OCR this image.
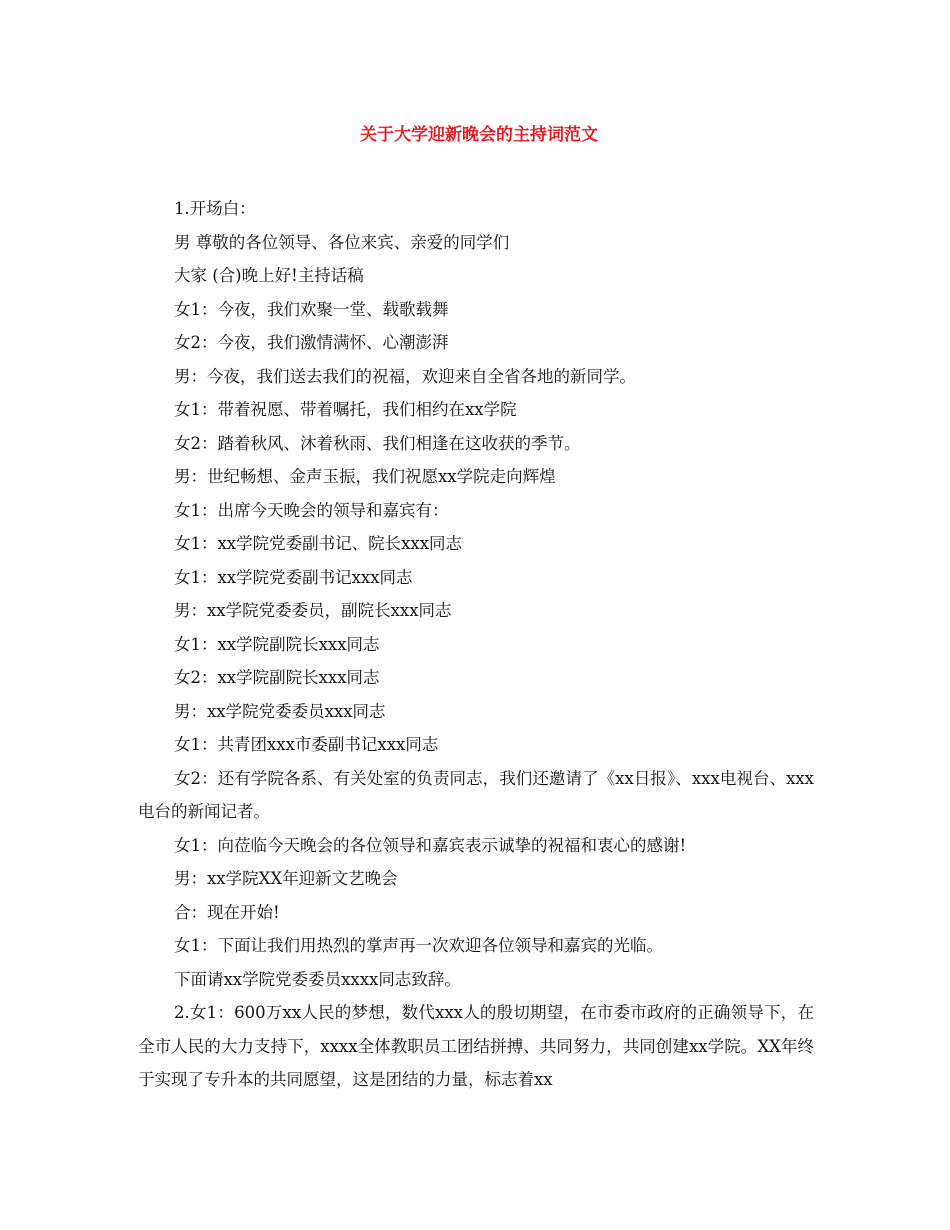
关于大学迎新晚会的主持词范文

1.开场白：

男 尊敬的各位领导、各位来宾、亲爱的同学们

大家 (合)晚上好!主持话稿

女1：今夜，我们欢聚一堂、载歌载舞

女2：今夜，我们激情满怀、心潮澎湃

男：今夜，我们送去我们的祝福，欢迎来自全省各地的新同学。

女1：带着祝愿、带着嘱托，我们相约在xx学院

女2：踏着秋风、沐着秋雨、我们相逢在这收获的季节。

男：世纪畅想、金声玉振，我们祝愿xx学院走向辉煌

女1：出席今天晚会的领导和嘉宾有：

女1：xx学院党委副书记、院长xxx同志

女1：xx学院党委副书记xxx同志

男：xx学院党委委员，副院长xxx同志

女1：xx学院副院长xxx同志

女2：xx学院副院长xxx同志

男：xx学院党委委员xxx同志

女1：共青团xxx市委副书记xxx同志

女2：还有学院各系、有关处室的负责同志，我们还邀请了《xx日报》、xxx电视台、xxx电台的新闻记者。

女1：向莅临今天晚会的各位领导和嘉宾表示诚挚的祝福和衷心的感谢!

男：xx学院XX年迎新文艺晚会

合：现在开始!

女1：下面让我们用热烈的掌声再一次欢迎各位领导和嘉宾的光临。

下面请xx学院党委委员xxxx同志致辞。

2.女1：600万xx人民的梦想，数代xxx人的殷切期望，在市委市政府的正确领导下，在全市人民的大力支持下，xxxx全体教职员工团结拼搏、共同努力，共同创建xx学院。XX年终于实现了专升本的共同愿望，这是团结的力量，标志着xx
